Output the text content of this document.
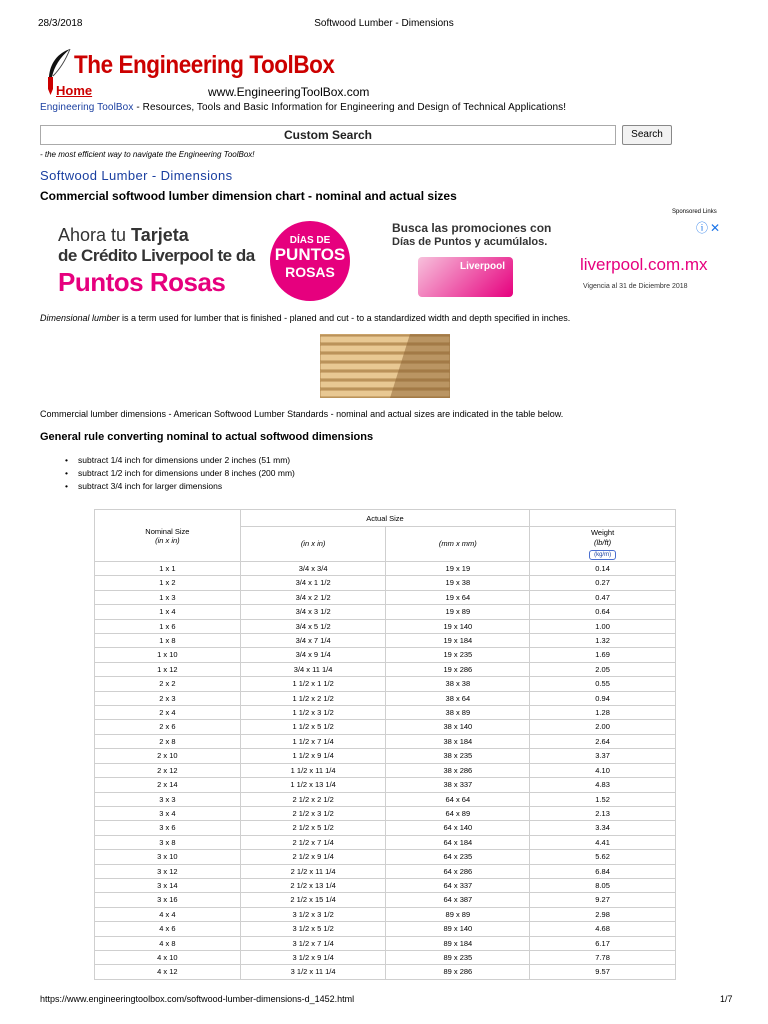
28/3/2018	Softwood Lumber - Dimensions
The Engineering ToolBox
Home	www.EngineeringToolBox.com
Engineering ToolBox - Resources, Tools and Basic Information for Engineering and Design of Technical Applications!
Custom Search	Search
- the most efficient way to navigate the Engineering ToolBox!
Softwood Lumber - Dimensions
Commercial softwood lumber dimension chart - nominal and actual sizes
Sponsored Links
Ahora tu Tarjeta
de Crédito Liverpool te da
Puntos Rosas
DÍAS DE
PUNTOS
ROSAS
Busca las promociones con
Días de Puntos y acumúlalos.
Liverpool	liverpool.com.mx
Vigencia al 31 de Diciembre 2018
ⓘ ✕
Dimensional lumber is a term used for lumber that is finished - planed and cut - to a standardized width and depth specified in inches.
Commercial lumber dimensions - American Softwood Lumber Standards - nominal and actual sizes are indicated in the table below.
General rule converting nominal to actual softwood dimensions
• subtract 1/4 inch for dimensions under 2 inches (51 mm)
• subtract 1/2 inch for dimensions under 8 inches (200 mm)
• subtract 3/4 inch for larger dimensions
Nominal Size
(in x in)	Actual Size		
	(in x in)	(mm x mm)	Weight
(lb/ft)
(kg/m)
1 x 1	3/4 x 3/4	19 x 19	0.14
1 x 2	3/4 x 1 1/2	19 x 38	0.27
1 x 3	3/4 x 2 1/2	19 x 64	0.47
1 x 4	3/4 x 3 1/2	19 x 89	0.64
1 x 6	3/4 x 5 1/2	19 x 140	1.00
1 x 8	3/4 x 7 1/4	19 x 184	1.32
1 x 10	3/4 x 9 1/4	19 x 235	1.69
1 x 12	3/4 x 11 1/4	19 x 286	2.05
2 x 2	1 1/2 x 1 1/2	38 x 38	0.55
2 x 3	1 1/2 x 2 1/2	38 x 64	0.94
2 x 4	1 1/2 x 3 1/2	38 x 89	1.28
2 x 6	1 1/2 x 5 1/2	38 x 140	2.00
2 x 8	1 1/2 x 7 1/4	38 x 184	2.64
2 x 10	1 1/2 x 9 1/4	38 x 235	3.37
2 x 12	1 1/2 x 11 1/4	38 x 286	4.10
2 x 14	1 1/2 x 13 1/4	38 x 337	4.83
3 x 3	2 1/2 x 2 1/2	64 x 64	1.52
3 x 4	2 1/2 x 3 1/2	64 x 89	2.13
3 x 6	2 1/2 x 5 1/2	64 x 140	3.34
3 x 8	2 1/2 x 7 1/4	64 x 184	4.41
3 x 10	2 1/2 x 9 1/4	64 x 235	5.62
3 x 12	2 1/2 x 11 1/4	64 x 286	6.84
3 x 14	2 1/2 x 13 1/4	64 x 337	8.05
3 x 16	2 1/2 x 15 1/4	64 x 387	9.27
4 x 4	3 1/2 x 3 1/2	89 x 89	2.98
4 x 6	3 1/2 x 5 1/2	89 x 140	4.68
4 x 8	3 1/2 x 7 1/4	89 x 184	6.17
4 x 10	3 1/2 x 9 1/4	89 x 235	7.78
4 x 12	3 1/2 x 11 1/4	89 x 286	9.57
https://www.engineeringtoolbox.com/softwood-lumber-dimensions-d_1452.html	1/7
